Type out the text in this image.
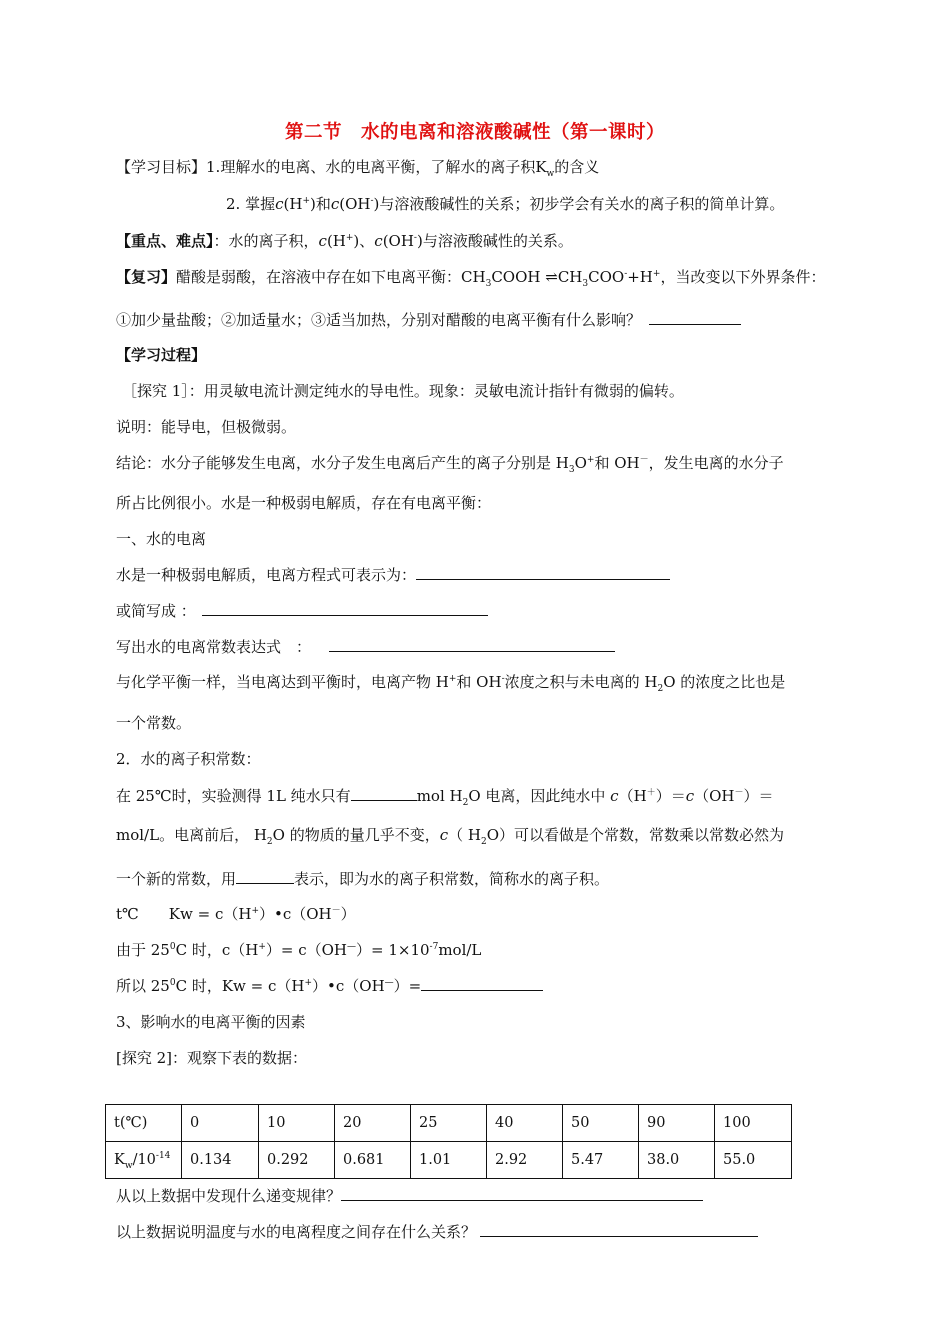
第二节　水的电离和溶液酸碱性（第一课时）
【学习目标】1.理解水的电离、水的电离平衡，了解水的离子积$K_w$的含义
2. 掌握c(H+)和c(OH-)与溶液酸碱性的关系；初步学会有关水的离子积的简单计算。
【重点、难点】：水的离子积，c(H+)、c(OH-)与溶液酸碱性的关系。
【复习】醋酸是弱酸，在溶液中存在如下电离平衡：$CH_3COOH$ $\rightleftharpoons CH_3COO^-+H^+$，当改变以下外界条件：
①加少量盐酸；②加适量水；③适当加热，分别对醋酸的电离平衡有什么影响？
【学习过程】
［探究 1］：用灵敏电流计测定纯水的导电性。现象：灵敏电流计指针有微弱的偏转。
说明：能导电，但极微弱。
结论：水分子能够发生电离，水分子发生电离后产生的离子分别是 $H_3O^+$和 OH－，发生电离的水分子
所占比例很小。水是一种极弱电解质，存在有电离平衡：
一、水的电离
水是一种极弱电解质，电离方程式可表示为：
或简写成 ：
写出水的电离常数表达式　：
与化学平衡一样，当电离达到平衡时，电离产物 H+和 OH-浓度之积与未电离的 $H_2O$ 的浓度之比也是
一个常数。
2．水的离子积常数：
在 25℃时，实验测得 1L 纯水只有	mol $H_2O$ 电离，因此纯水中 c（H＋）＝c（OH－）＝
mol/L。电离前后， $H_2O$ 的物质的量几乎不变，c（ $H_2O$）可以看做是个常数，常数乘以常数必然为
一个新的常数，用	表示，即为水的离子积常数，简称水的离子积。
t℃　　Kw = c（H+）•c（OH－）
由于 $25^0C$ 时，$c(H^+)= c(OH^—)= 1\times 10^{-7}mol/L$
所以 $25^0C$ 时，Kw = c（H+）•c（OH—）=
3、影响水的电离平衡的因素
[探究 2]：观察下表的数据：
t(℃)	0	10	20	25	40	50	90	100
$K_w/10^{-14}$	0.134	0.292	0.681	1.01	2.92	5.47	38.0	55.0
从以上数据中发现什么递变规律？
以上数据说明温度与水的电离程度之间存在什么关系？
